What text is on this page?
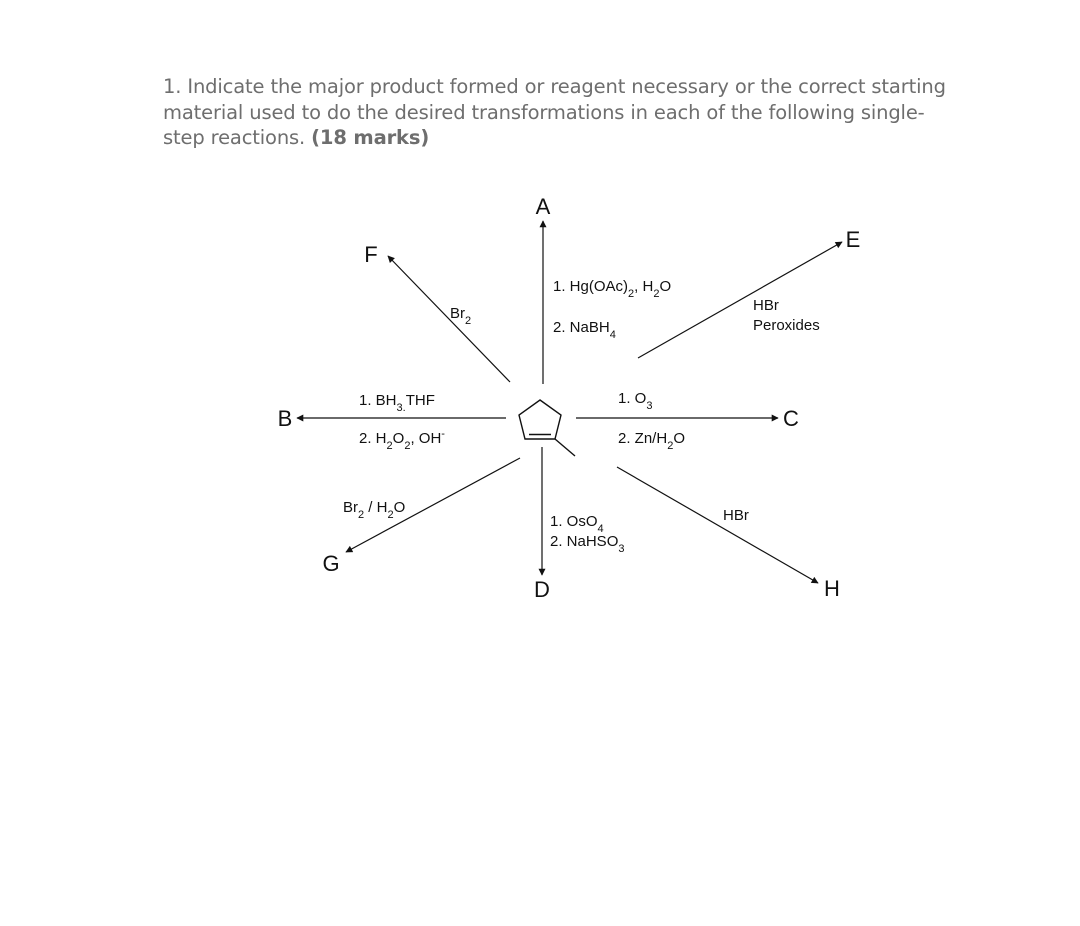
1. Indicate the major product formed or reagent necessary or the correct starting material used to do the desired transformations in each of the following single-step reactions. (18 marks)
A
B	C
D
E
F
G
H
1. $Hg(OAc)_2$, $H_2O$
2. NaBH$_4$
1. $BH_{3.}THF$
2. $H_2O_2$, OH-
1. $O_3$
2. $Zn/H_2O$
1. OsO$_4$
2. NaHSO$_3$
HBr
Peroxides
$Br_2$
$Br_2 / H_2O$	HBr
